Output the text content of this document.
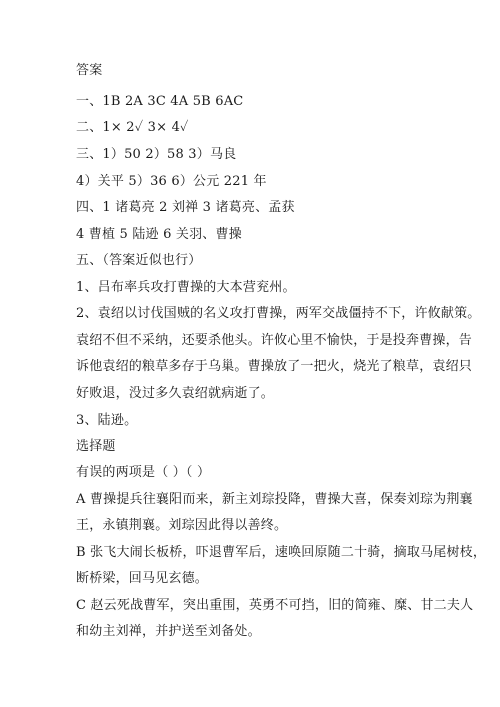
答案
一、1B 2A 3C 4A 5B 6AC
二、1× 2✓ 3× 4✓
三、1）50 2）58 3）马良
4）关平 5）36 6）公元 221 年
四、1 诸葛亮 2 刘禅 3 诸葛亮、孟获
4 曹植 5 陆逊 6 关羽、曹操
五、（答案近似也行）
1、吕布率兵攻打曹操的大本营兖州。
2、袁绍以讨伐国贼的名义攻打曹操，两军交战僵持不下，许攸献策。
袁绍不但不采纳，还要杀他头。许攸心里不愉快，于是投奔曹操，告
诉他袁绍的粮草多存于乌巢。曹操放了一把火，烧光了粮草，袁绍只
好败退，没过多久袁绍就病逝了。
3、陆逊。
选择题
有误的两项是（ ）（ ）
A 曹操提兵往襄阳而来，新主刘琮投降，曹操大喜，保奏刘琮为荆襄
王，永镇荆襄。刘琮因此得以善终。
B 张飞大闹长板桥，吓退曹军后，速唤回原随二十骑，摘取马尾树枝，
断桥梁，回马见玄德。
C 赵云死战曹军，突出重围，英勇不可挡，旧的简雍、糜、甘二夫人
和幼主刘禅，并护送至刘备处。
